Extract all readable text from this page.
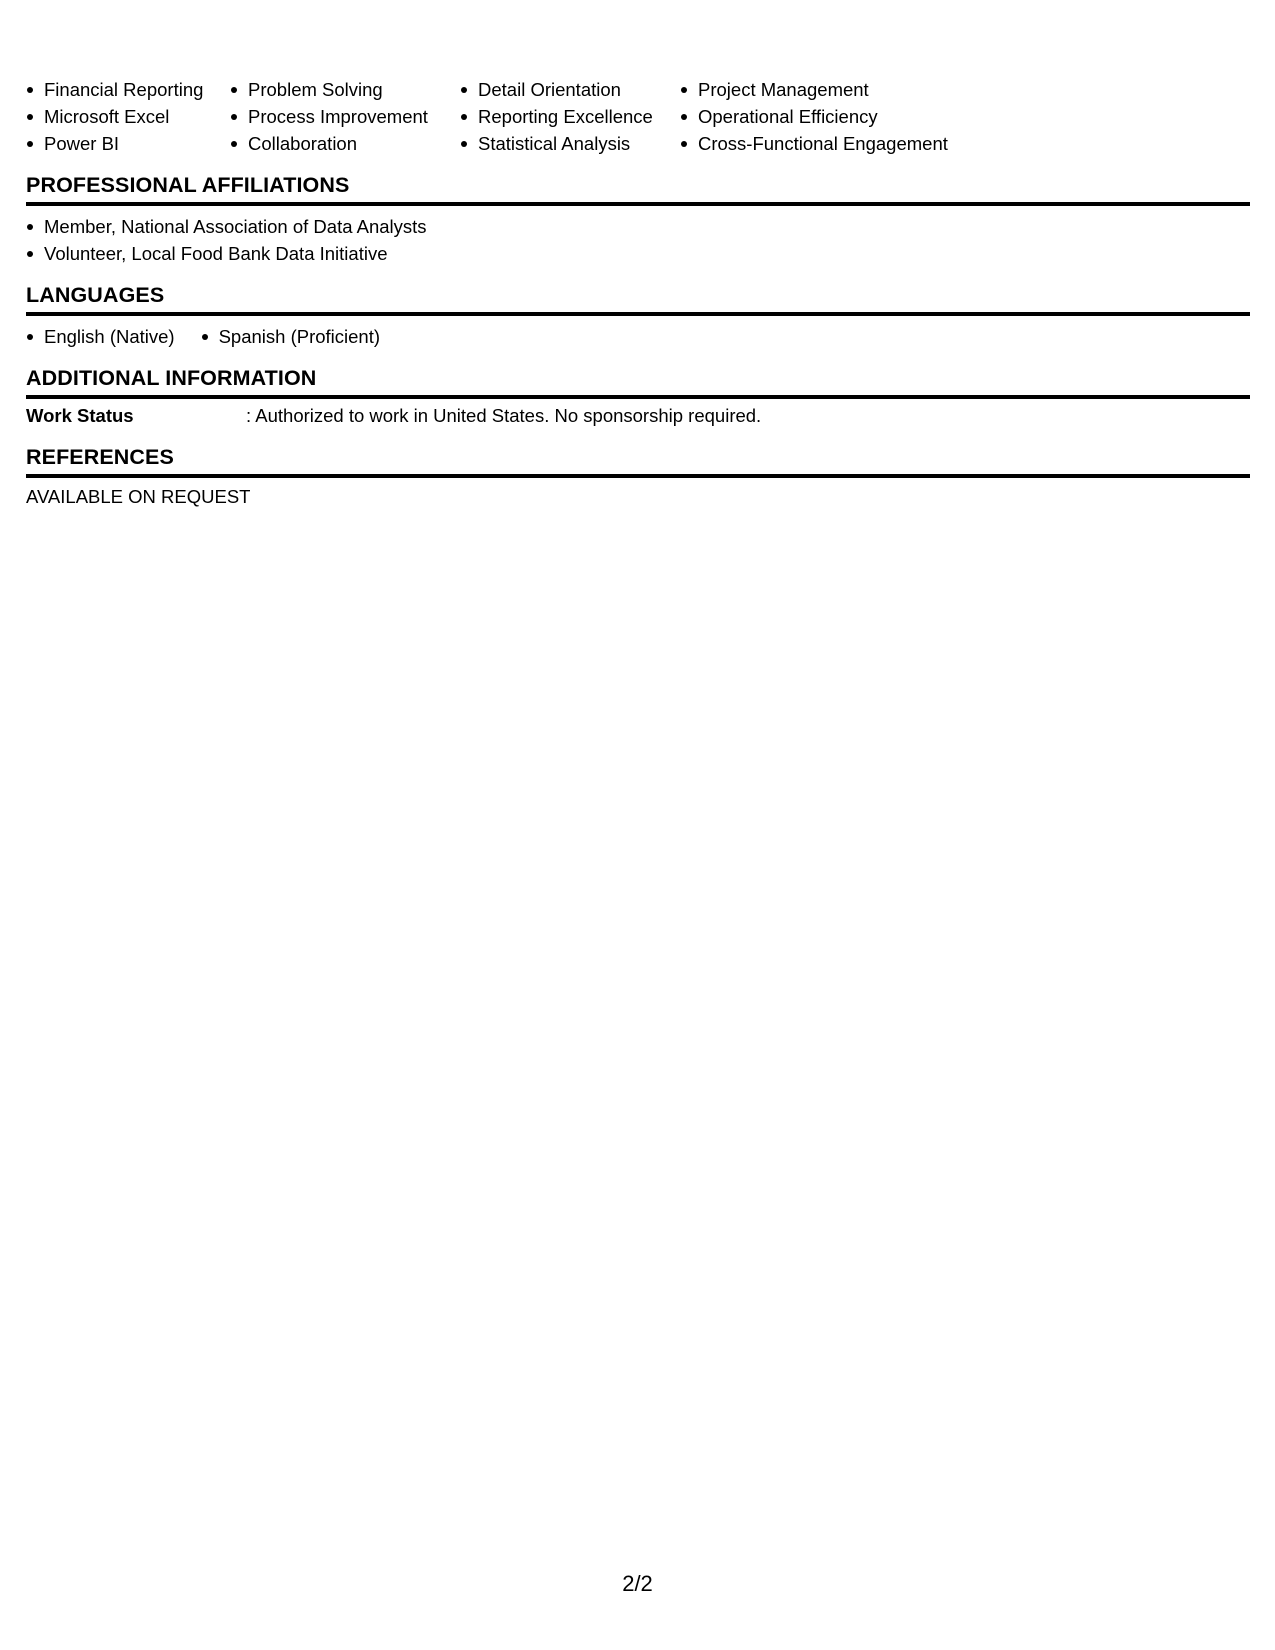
Financial Reporting
Microsoft Excel
Power BI
Problem Solving
Process Improvement
Collaboration
Detail Orientation
Reporting Excellence
Statistical Analysis
Project Management
Operational Efficiency
Cross-Functional Engagement
PROFESSIONAL AFFILIATIONS
Member, National Association of Data Analysts
Volunteer, Local Food Bank Data Initiative
LANGUAGES
English (Native)	Spanish (Proficient)
ADDITIONAL INFORMATION
Work Status	: Authorized to work in United States. No sponsorship required.
REFERENCES

AVAILABLE ON REQUEST

2/2
